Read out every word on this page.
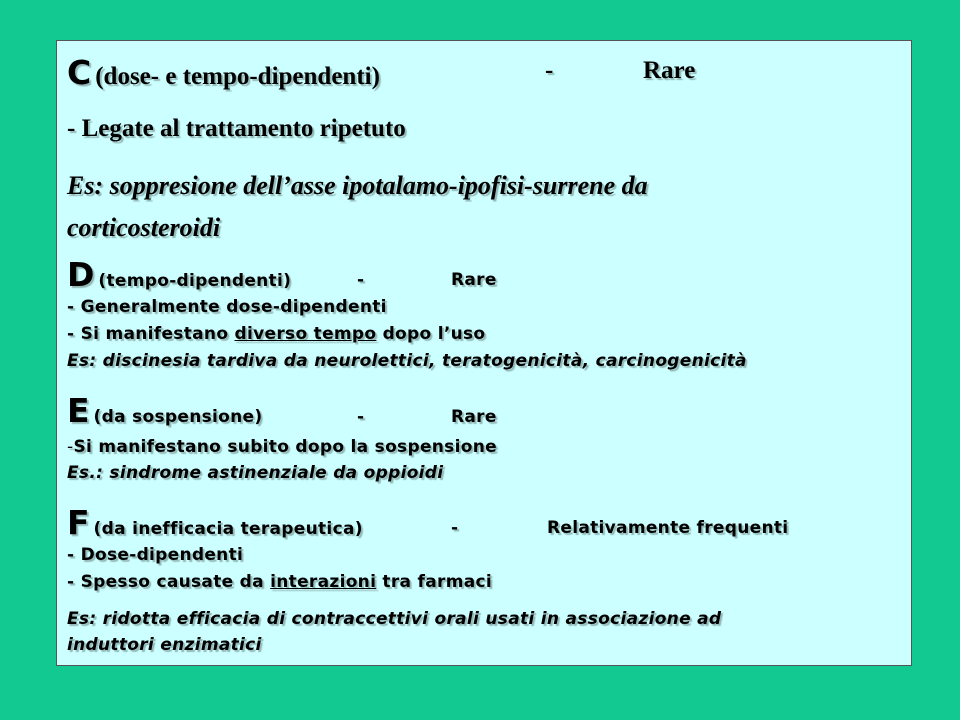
C (dose- e tempo-dipendenti)	-	Rare
- Legate al trattamento ripetuto
Es: soppresione dell’asse ipotalamo-ipofisi-surrene da
corticosteroidi
D (tempo-dipendenti)	-	Rare
- Generalmente dose-dipendenti
- Si manifestano diverso tempo dopo l’uso
Es: discinesia tardiva da neurolettici, teratogenicità, carcinogenicità
E (da sospensione)	-	Rare
-Si manifestano subito dopo la sospensione
Es.: sindrome astinenziale da oppioidi
F (da inefficacia terapeutica)	-	Relativamente frequenti
- Dose-dipendenti
- Spesso causate da interazioni tra farmaci
Es: ridotta efficacia di contraccettivi orali usati in associazione ad
induttori enzimatici
